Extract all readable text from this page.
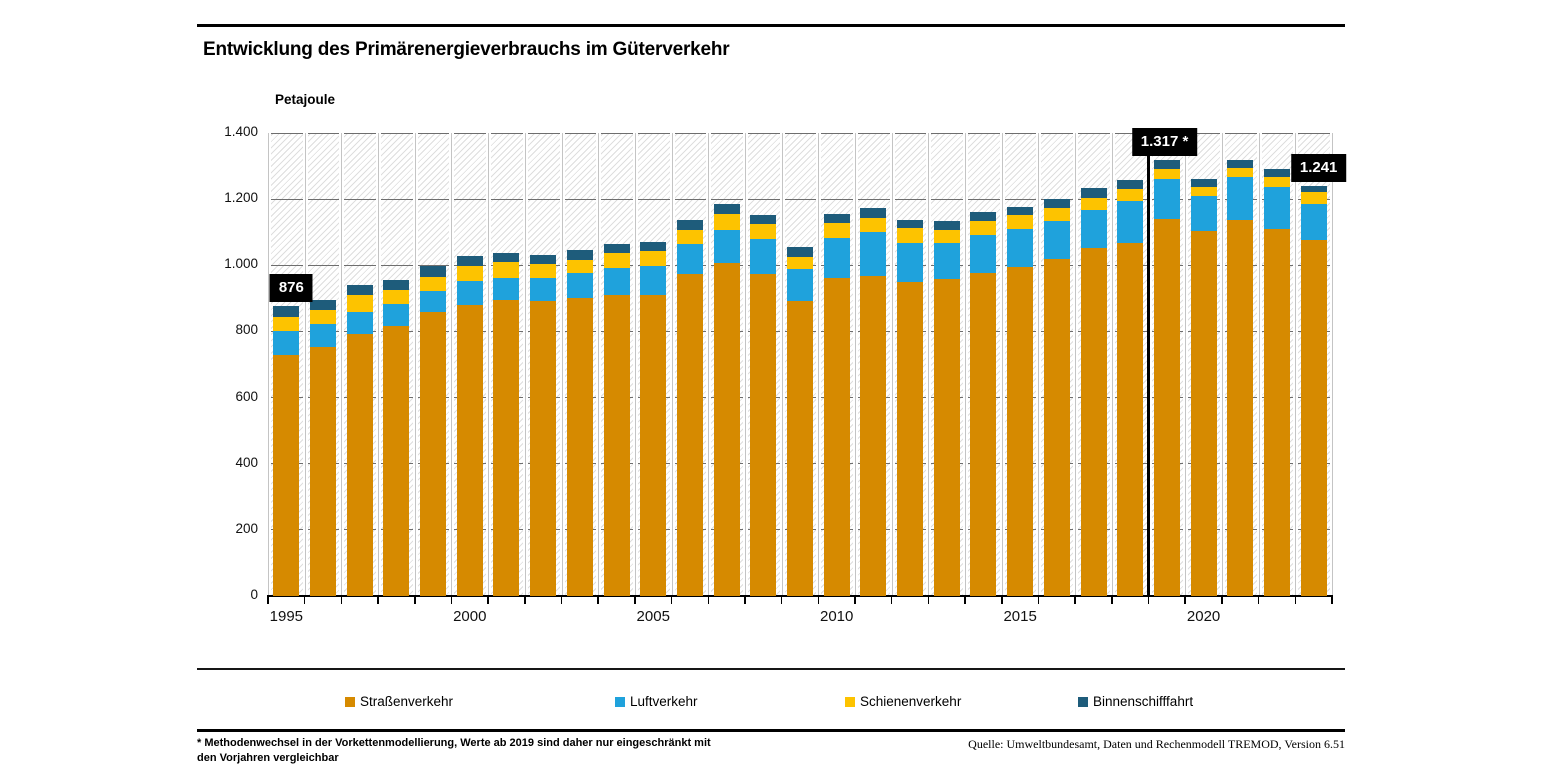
Entwicklung des Primärenergieverbrauchs im Güterverkehr
Petajoule
Straßenverkehr	Luftverkehr	Schienenverkehr	Binnenschifffahrt
* Methodenwechsel in der Vorkettenmodellierung, Werte ab 2019 sind daher nur eingeschränkt mit
den Vorjahren vergleichbar
Quelle: Umweltbundesamt, Daten und Rechenmodell TREMOD, Version 6.51
0
200
400
600
800
1.000
1.200
1.400
1995	2000	2005	2010	2015	2020
876
1.317 *
1.241
